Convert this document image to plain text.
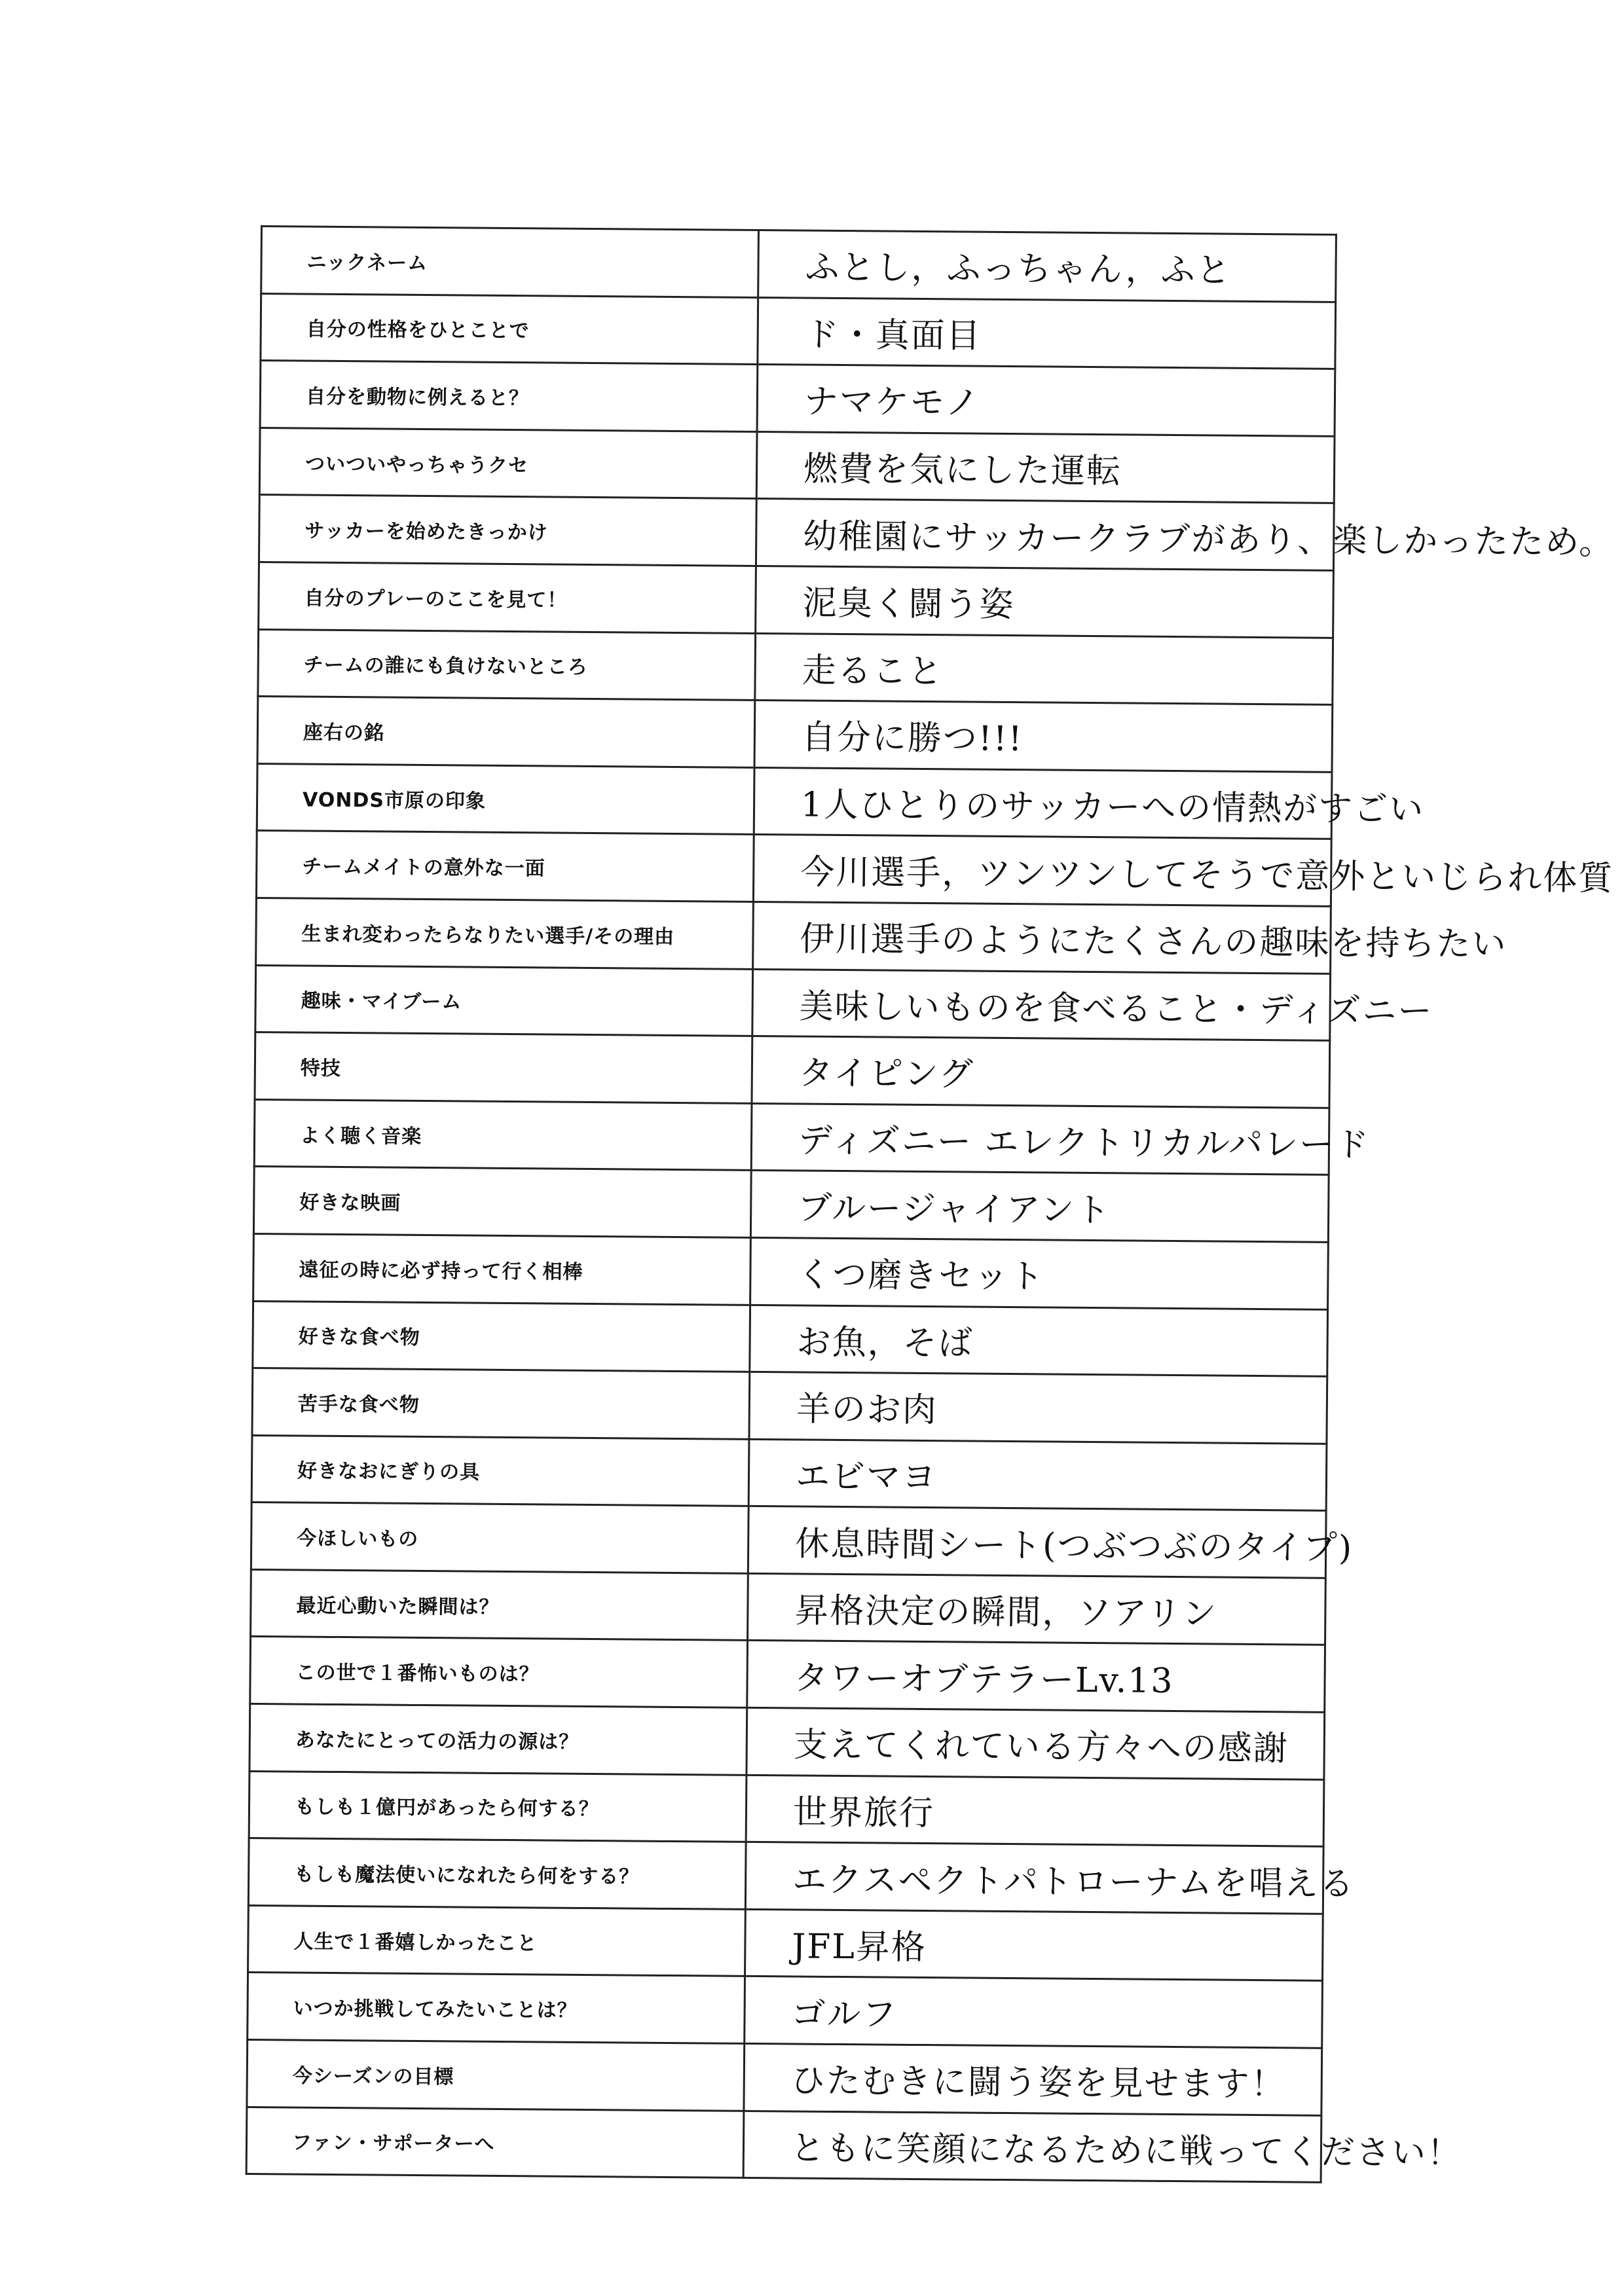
ニックネーム	ふとし，ふっちゃん，ふと
自分の性格をひとことで	ド・真面目
自分を動物に例えると？	ナマケモノ
ついついやっちゃうクセ	燃費を気にした運転
サッカーを始めたきっかけ	幼稚園にサッカークラブがあり、楽しかったため。
自分のプレーのここを見て！	泥臭く闘う姿
チームの誰にも負けないところ	走ること
座右の銘	自分に勝つ!!!
VONDS市原の印象	1人ひとりのサッカーへの情熱がすごい
チームメイトの意外な一面	今川選手，ツンツンしてそうで意外といじられ体質
生まれ変わったらなりたい選手/その理由	伊川選手のようにたくさんの趣味を持ちたい
趣味・マイブーム	美味しいものを食べること・ディズニー
特技	タイピング
よく聴く音楽	ディズニー エレクトリカルパレード
好きな映画	ブルージャイアント
遠征の時に必ず持って行く相棒	くつ磨きセット
好きな食べ物	お魚，そば
苦手な食べ物	羊のお肉
好きなおにぎりの具	エビマヨ
今ほしいもの	休息時間シート(つぶつぶのタイプ)
最近心動いた瞬間は？	昇格決定の瞬間，ソアリン
この世で１番怖いものは？	タワーオブテラーLv.13
あなたにとっての活力の源は？	支えてくれている方々への感謝
もしも１億円があったら何する？	世界旅行
もしも魔法使いになれたら何をする？	エクスペクトパトローナムを唱える
人生で１番嬉しかったこと	JFL昇格
いつか挑戦してみたいことは？	ゴルフ
今シーズンの目標	ひたむきに闘う姿を見せます！
ファン・サポーターへ	ともに笑顔になるために戦ってください！
